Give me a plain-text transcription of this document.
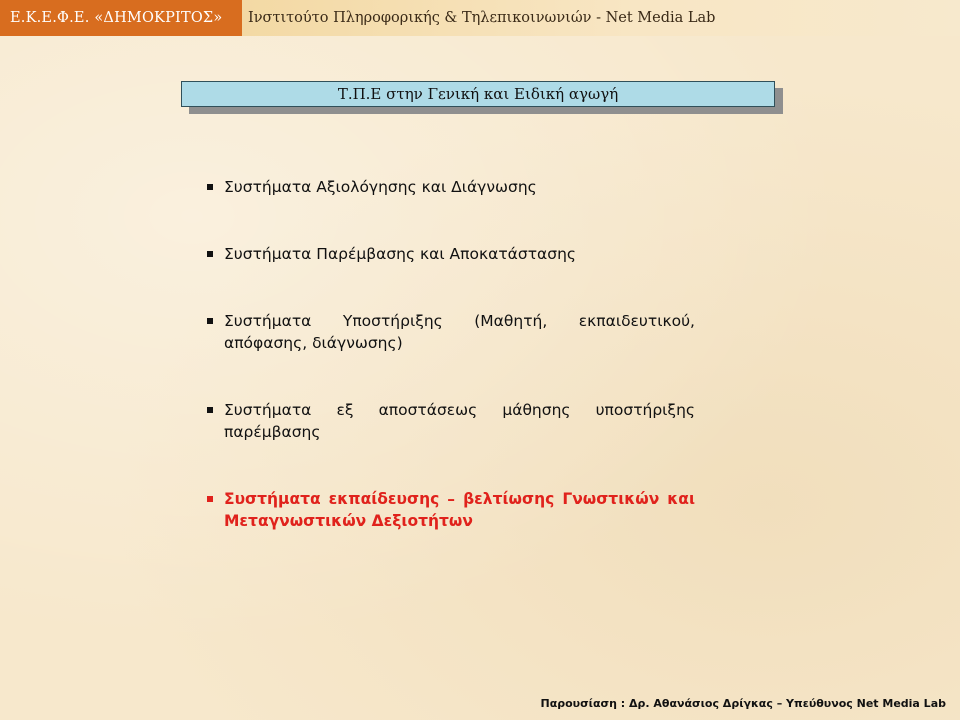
Ε.Κ.Ε.Φ.Ε. «ΔΗΜΟΚΡΙΤΟΣ»	Ινστιτούτο Πληροφορικής & Τηλεπικοινωνιών - Net Media Lab
Τ.Π.Ε στην Γενική και Ειδική αγωγή
Συστήματα Αξιολόγησης και Διάγνωσης
Συστήματα Παρέμβασης και Αποκατάστασης
Συστήματα Υποστήριξης (Μαθητή, εκπαιδευτικού, απόφασης, διάγνωσης)
Συστήματα εξ αποστάσεως μάθησης υποστήριξης παρέμβασης
Συστήματα εκπαίδευσης – βελτίωσης Γνωστικών και Μεταγνωστικών Δεξιοτήτων
Παρουσίαση : Δρ. Αθανάσιος Δρίγκας – Υπεύθυνος Net Media Lab
